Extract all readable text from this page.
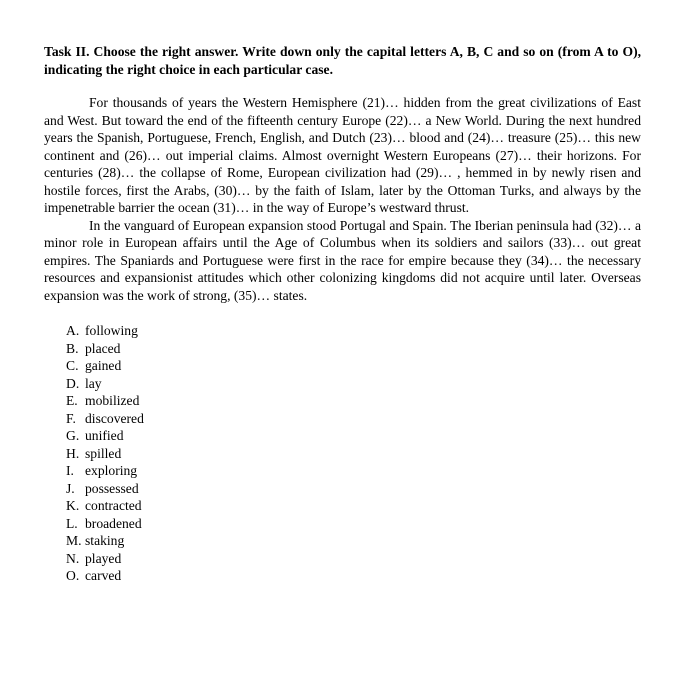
Task II. Choose the right answer. Write down only the capital letters A, B, C and so on (from A to O), indicating the right choice in each particular case.

For thousands of years the Western Hemisphere (21)… hidden from the great civilizations of East and West. But toward the end of the fifteenth century Europe (22)… a New World. During the next hundred years the Spanish, Portuguese, French, English, and Dutch (23)… blood and (24)… treasure (25)… this new continent and (26)… out imperial claims. Almost overnight Western Europeans (27)… their horizons. For centuries (28)… the collapse of Rome, European civilization had (29)… , hemmed in by newly risen and hostile forces, first the Arabs, (30)… by the faith of Islam, later by the Ottoman Turks, and always by the impenetrable barrier the ocean (31)… in the way of Europe’s westward thrust.

In the vanguard of European expansion stood Portugal and Spain. The Iberian peninsula had (32)… a minor role in European affairs until the Age of Columbus when its soldiers and sailors (33)… out great empires. The Spaniards and Portuguese were first in the race for empire because they (34)… the necessary resources and expansionist attitudes which other colonizing kingdoms did not acquire until later. Overseas expansion was the work of strong, (35)… states.

A. following
B. placed
C. gained
D. lay
E. mobilized
F. discovered
G. unified
H. spilled
I. exploring
J. possessed
K. contracted
L. broadened
M. staking
N. played
O. carved
